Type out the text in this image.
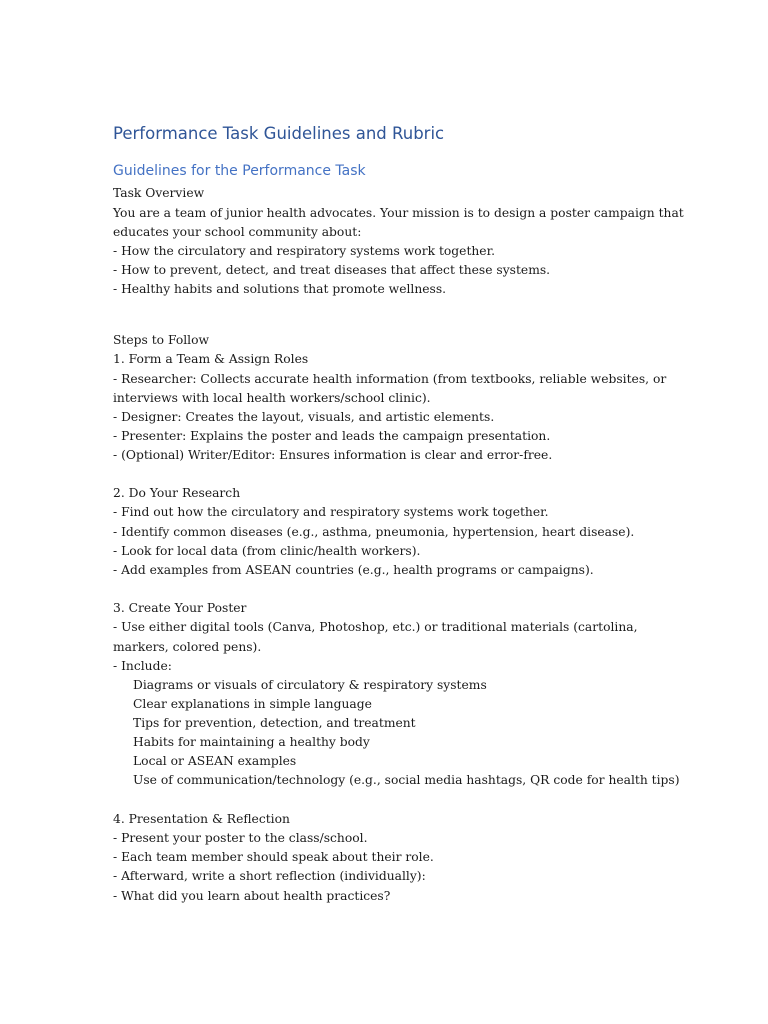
Performance Task Guidelines and Rubric
Guidelines for the Performance Task
Task Overview
You are a team of junior health advocates. Your mission is to design a poster campaign that
educates your school community about:
- How the circulatory and respiratory systems work together.
- How to prevent, detect, and treat diseases that affect these systems.
- Healthy habits and solutions that promote wellness.
Steps to Follow
1. Form a Team & Assign Roles
- Researcher: Collects accurate health information (from textbooks, reliable websites, or
interviews with local health workers/school clinic).
- Designer: Creates the layout, visuals, and artistic elements.
- Presenter: Explains the poster and leads the campaign presentation.
- (Optional) Writer/Editor: Ensures information is clear and error-free.
2. Do Your Research
- Find out how the circulatory and respiratory systems work together.
- Identify common diseases (e.g., asthma, pneumonia, hypertension, heart disease).
- Look for local data (from clinic/health workers).
- Add examples from ASEAN countries (e.g., health programs or campaigns).
3. Create Your Poster
- Use either digital tools (Canva, Photoshop, etc.) or traditional materials (cartolina,
markers, colored pens).
- Include:
Diagrams or visuals of circulatory & respiratory systems
Clear explanations in simple language
Tips for prevention, detection, and treatment
Habits for maintaining a healthy body
Local or ASEAN examples
Use of communication/technology (e.g., social media hashtags, QR code for health tips)
4. Presentation & Reflection
- Present your poster to the class/school.
- Each team member should speak about their role.
- Afterward, write a short reflection (individually):
- What did you learn about health practices?
